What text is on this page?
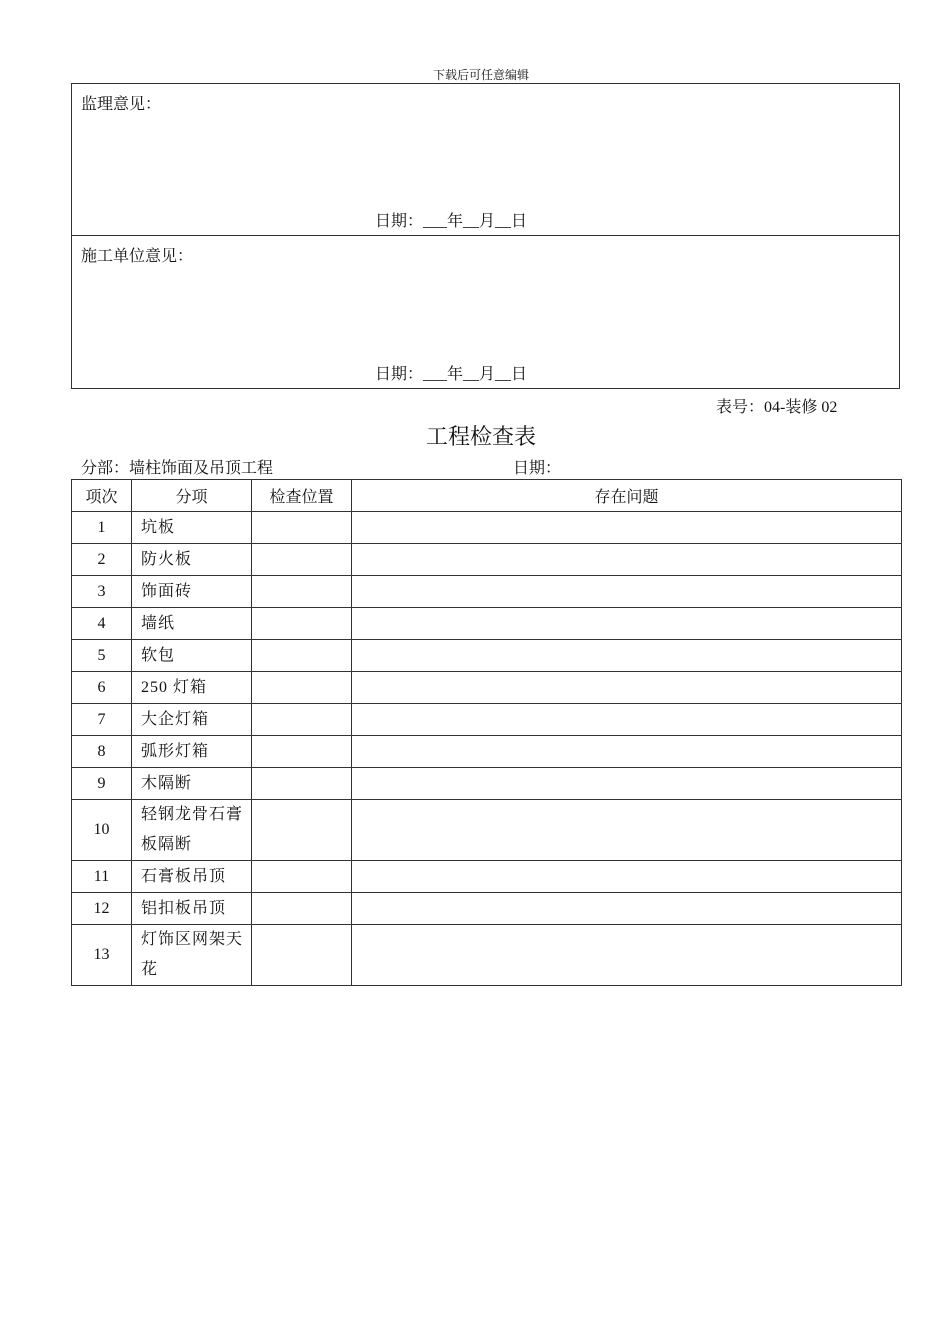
下载后可任意编辑
监理意见：
日期：___年__月__日
施工单位意见：
日期：___年__月__日
表号：04-装修 02
工程检查表
分部：墙柱饰面及吊顶工程	日期：
项次	分项	检查位置	存在问题
1	坑板		
2	防火板		
3	饰面砖		
4	墙纸		
5	软包		
6	250 灯箱		
7	大企灯箱		
8	弧形灯箱		
9	木隔断		
10	轻钢龙骨石膏板隔断		
11	石膏板吊顶		
12	铝扣板吊顶		
13	灯饰区网架天花		
